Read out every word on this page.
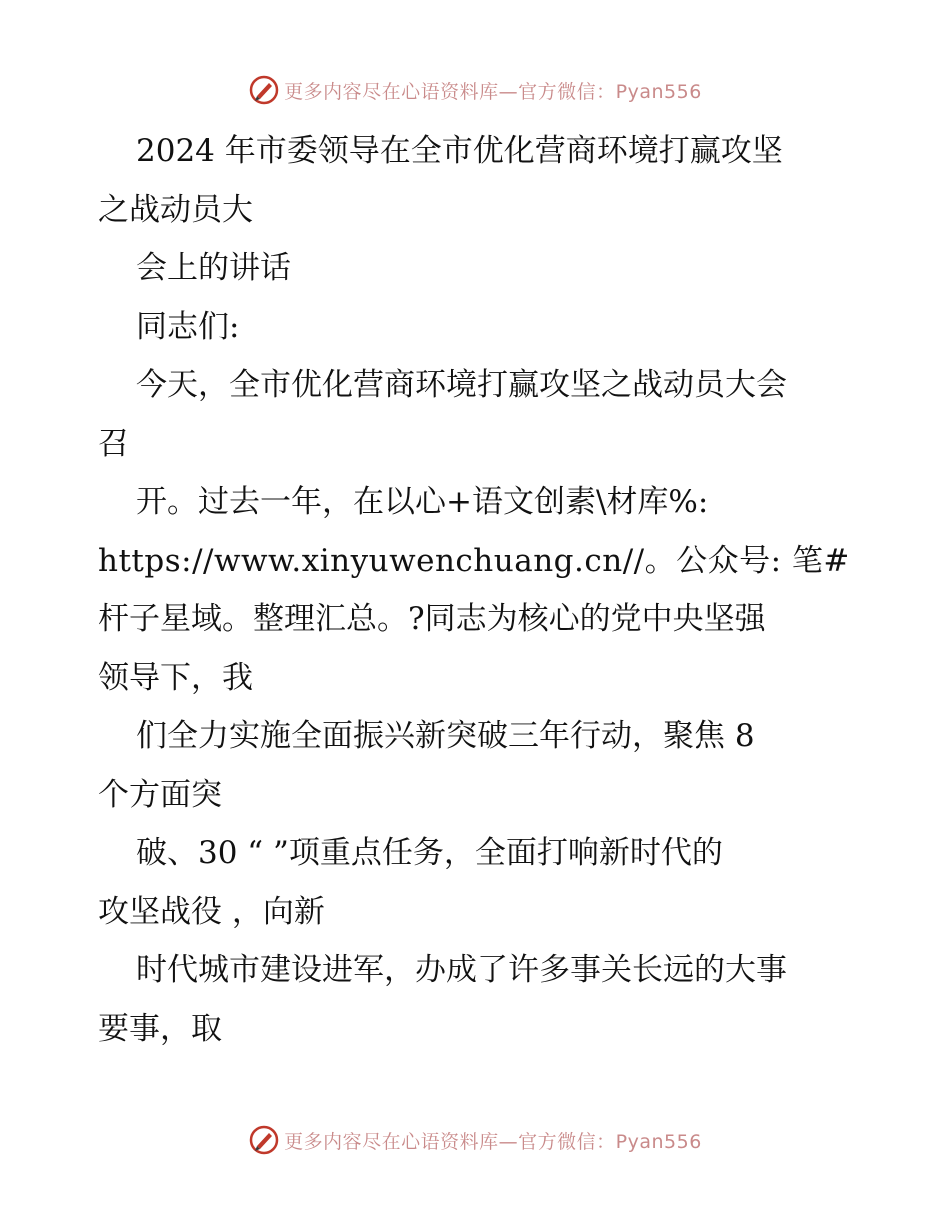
更多内容尽在心语资料库—官方微信：Pyan556
2024 年市委领导在全市优化营商环境打赢攻坚
之战动员大
会上的讲话
同志们:
今天，全市优化营商环境打赢攻坚之战动员大会
召
开。过去一年，在以心+语文创素\材库%:
https://www.xinyuwenchuang.cn//。公众号: 笔#
杆子星域。整理汇总。?同志为核心的党中央坚强
领导下，我
们全力实施全面振兴新突破三年行动，聚焦 8
个方面突
破、30 “ ”项重点任务，全面打响新时代的
攻坚战役 ，向新
时代城市建设进军，办成了许多事关长远的大事
要事，取
更多内容尽在心语资料库—官方微信：Pyan556
